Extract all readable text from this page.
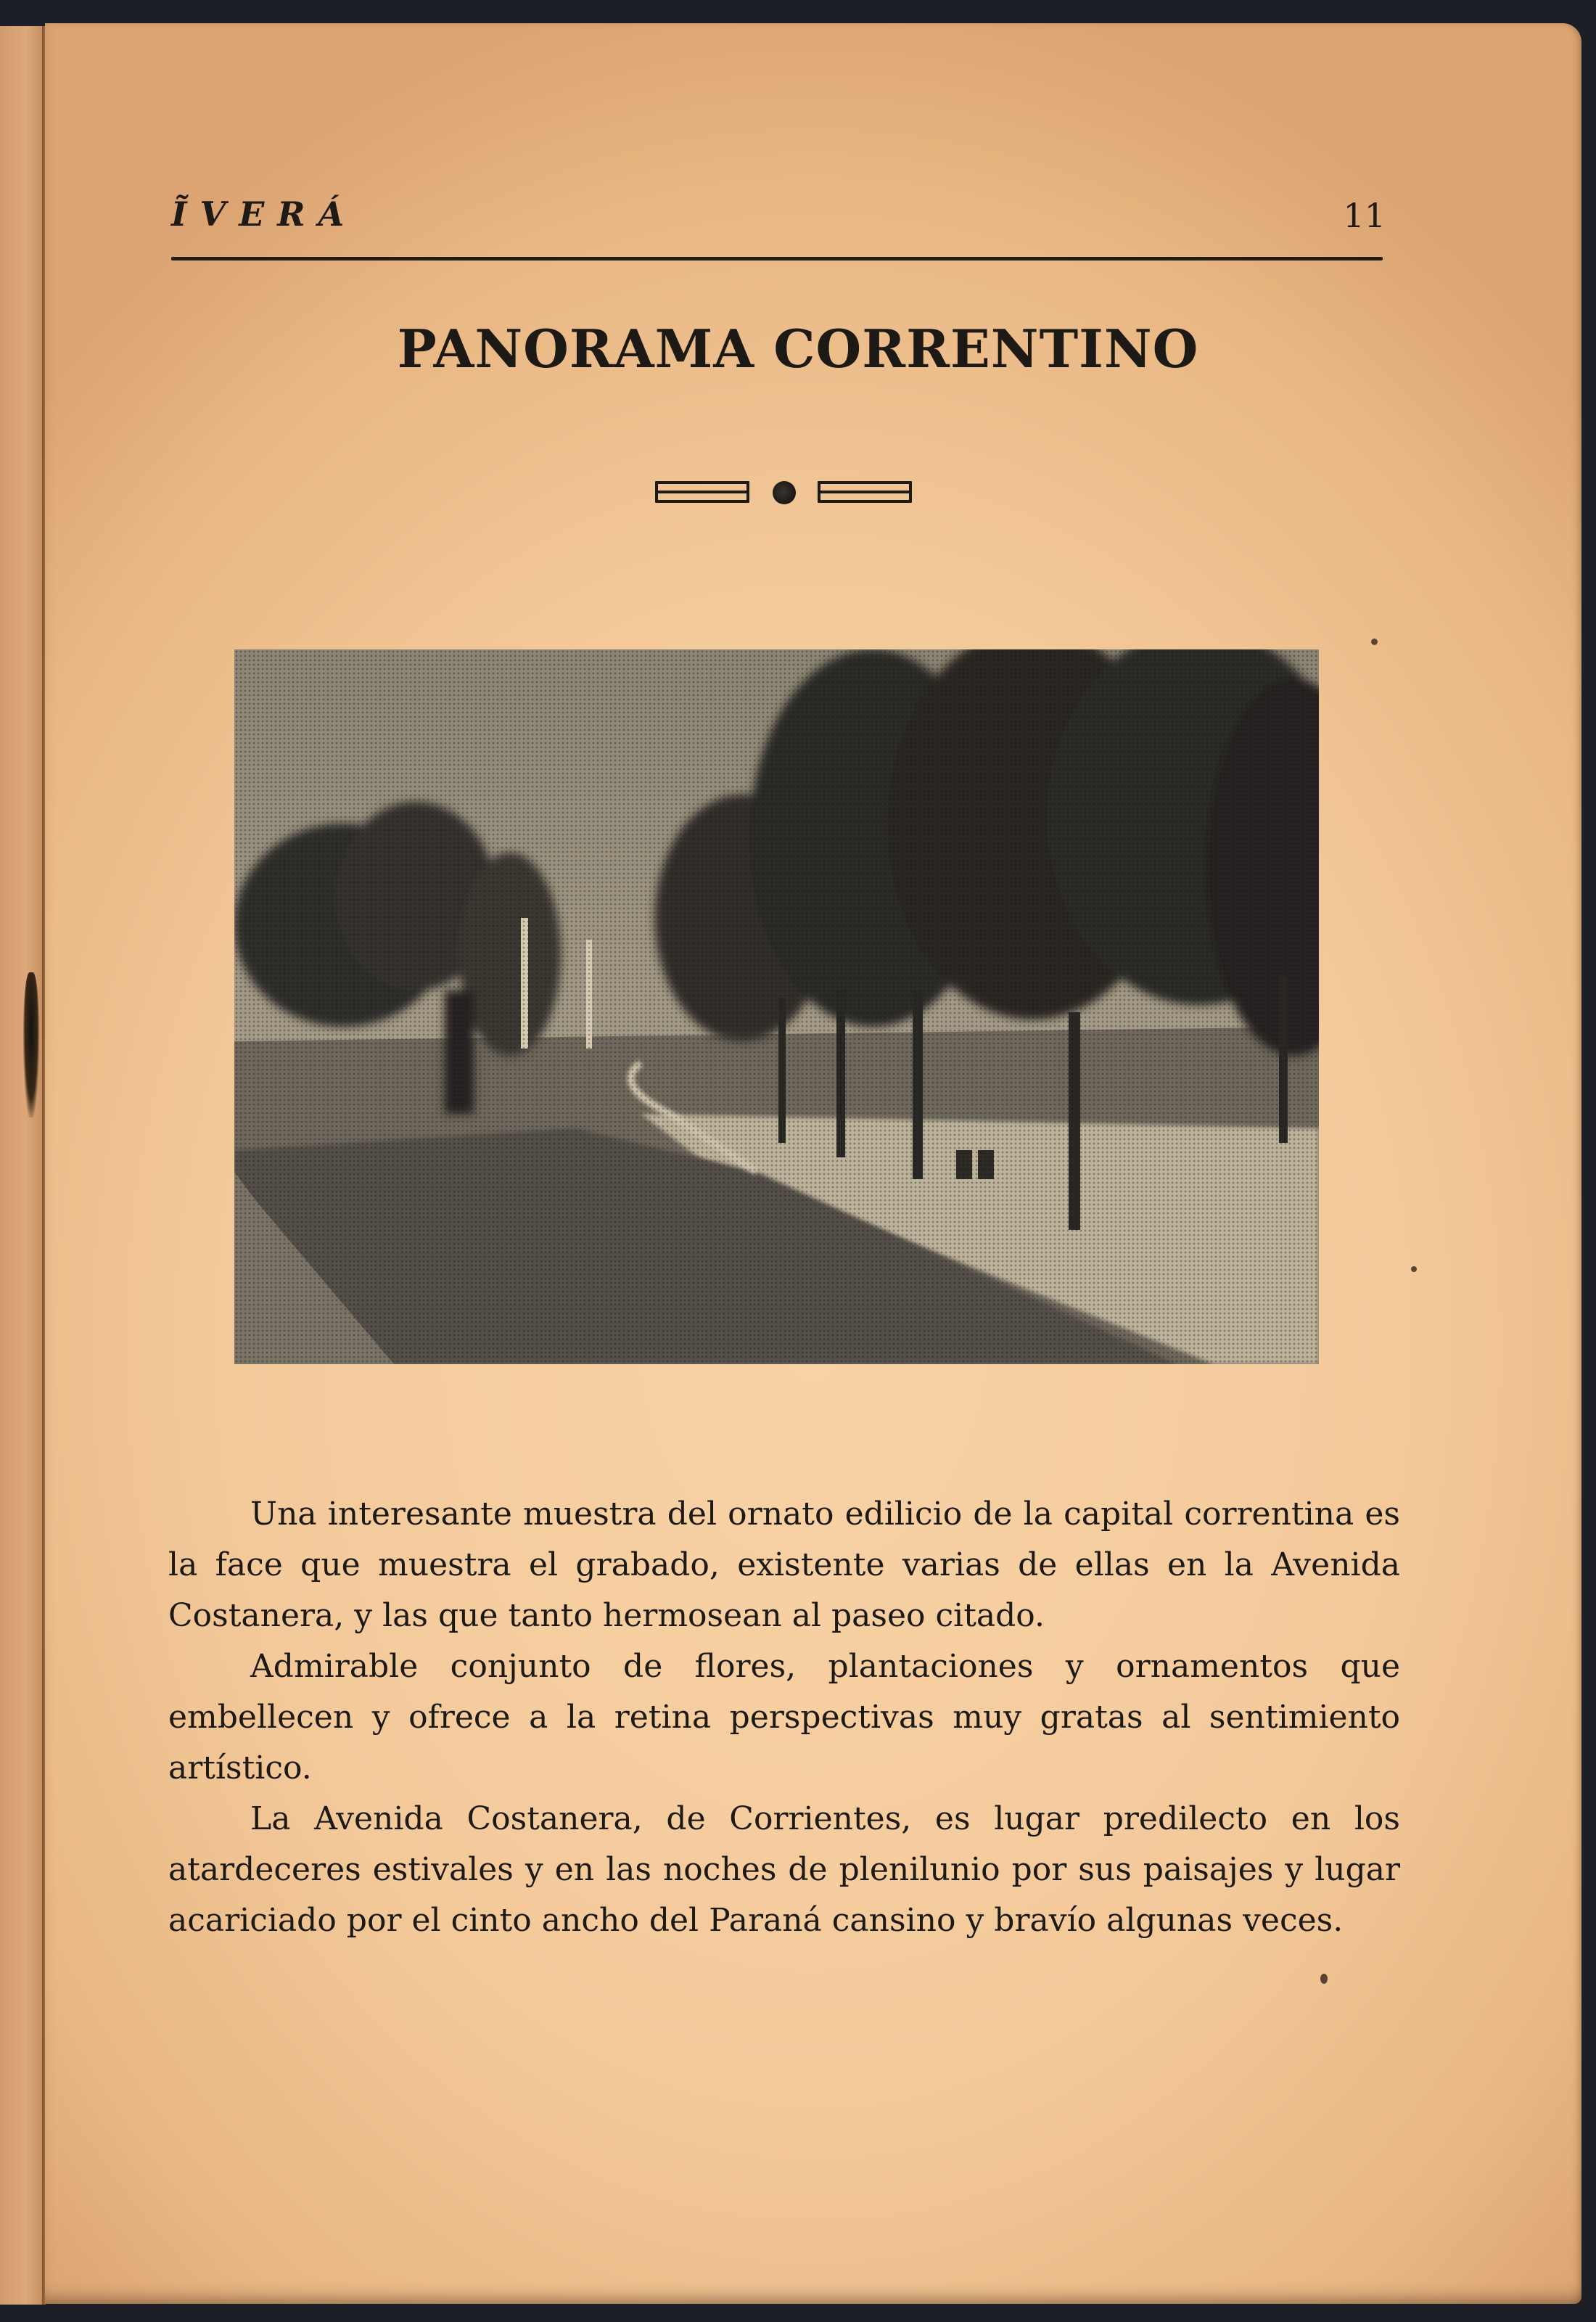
ĨVERÁ	11
PANORAMA CORRENTINO

Una interesante muestra del ornato edilicio de la capital correntina es la face que muestra el grabado, existente varias de ellas en la Avenida Costanera, y las que tanto hermosean al paseo citado.

Admirable conjunto de flores, plantaciones y ornamentos que embellecen y ofrece a la retina perspectivas muy gratas al sentimiento artístico.

La Avenida Costanera, de Corrientes, es lugar predilecto en los atardeceres estivales y en las noches de plenilunio por sus paisajes y lugar acariciado por el cinto ancho del Paraná cansino y bravío algunas veces.
